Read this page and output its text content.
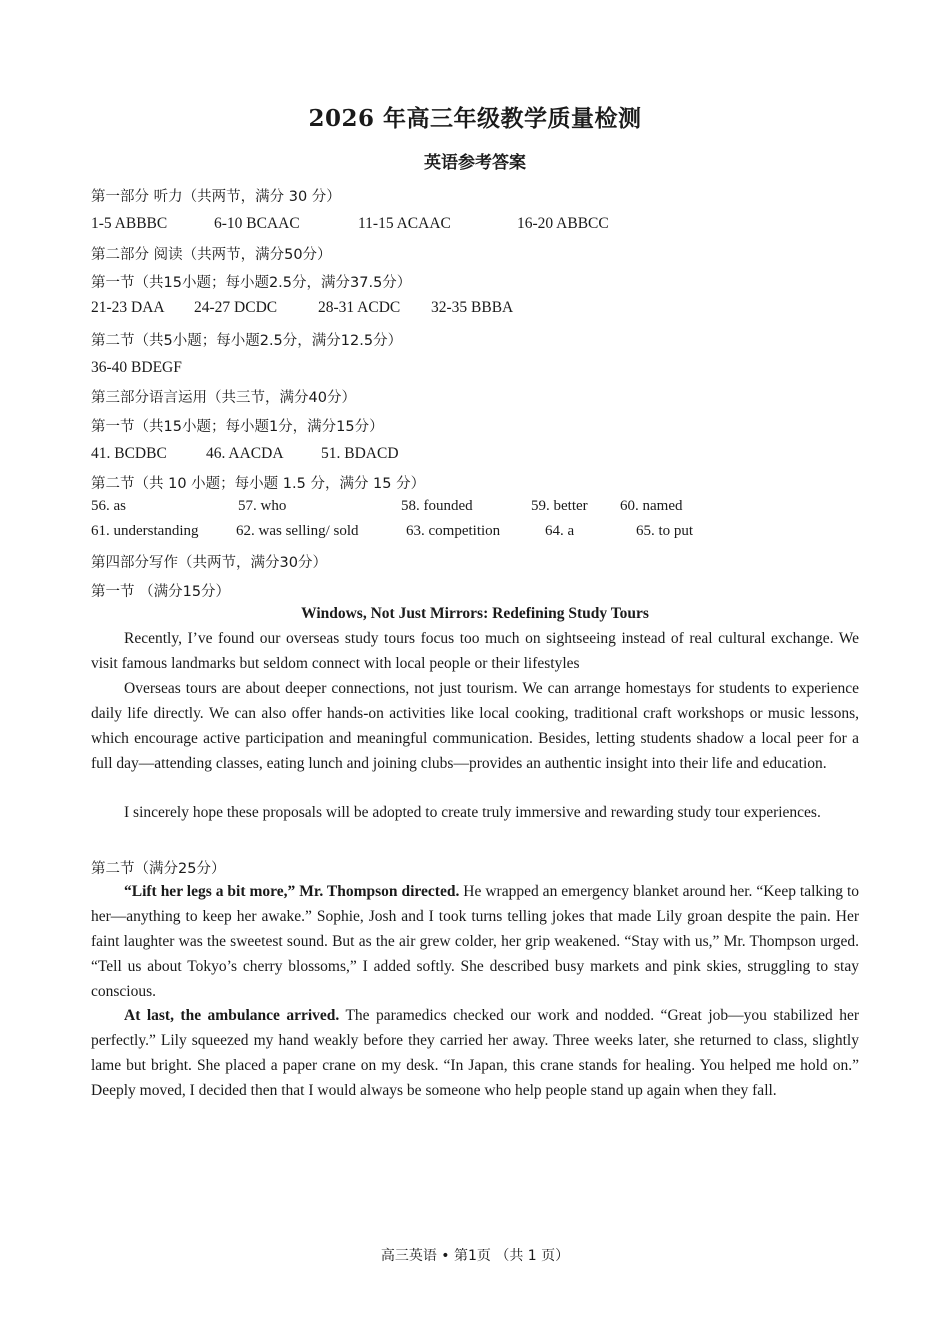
2026 年高三年级教学质量检测
英语参考答案
第一部分 听力（共两节，满分 30 分）
1-5 ABBBC	6-10 BCAAC	11-15 ACAAC	16-20 ABBCC
第二部分 阅读（共两节，满分50分）
第一节（共15小题；每小题2.5分，满分37.5分）
21-23 DAA 24-27 DCDC	28-31 ACDC 32-35 BBBA
第二节（共5小题；每小题2.5分，满分12.5分）
36-40 BDEGF
第三部分语言运用（共三节，满分40分）
第一节（共15小题；每小题1分，满分15分）
41. BCDBC	46. AACDA 51. BDACD
第二节（共 10 小题；每小题 1.5 分，满分 15 分）
56. as	57. who	58. founded	59. better 60. named
61. understanding	62. was selling/ sold	63. competition	64. a	65. to put
第四部分写作（共两节，满分30分）
第一节 （满分15分）
Windows, Not Just Mirrors: Redefining Study Tours
Recently, I’ve found our overseas study tours focus too much on sightseeing instead of real cultural exchange. We visit famous landmarks but seldom connect with local people or their lifestyles
Overseas tours are about deeper connections, not just tourism. We can arrange homestays for students to experience daily life directly. We can also offer hands-on activities like local cooking, traditional craft workshops or music lessons, which encourage active participation and meaningful communication. Besides, letting students shadow a local peer for a full day—attending classes, eating lunch and joining clubs—provides an authentic insight into their life and education.
I sincerely hope these proposals will be adopted to create truly immersive and rewarding study tour experiences.
第二节（满分25分）
“Lift her legs a bit more,” Mr. Thompson directed. He wrapped an emergency blanket around her. “Keep talking to her—anything to keep her awake.” Sophie, Josh and I took turns telling jokes that made Lily groan despite the pain. Her faint laughter was the sweetest sound. But as the air grew colder, her grip weakened. “Stay with us,” Mr. Thompson urged. “Tell us about Tokyo’s cherry blossoms,” I added softly. She described busy markets and pink skies, struggling to stay conscious.
At last, the ambulance arrived. The paramedics checked our work and nodded. “Great job—you stabilized her perfectly.” Lily squeezed my hand weakly before they carried her away. Three weeks later, she returned to class, slightly lame but bright. She placed a paper crane on my desk. “In Japan, this crane stands for healing. You helped me hold on.” Deeply moved, I decided then that I would always be someone who help people stand up again when they fall.
高三英语 • 第1页 （共 1 页）
